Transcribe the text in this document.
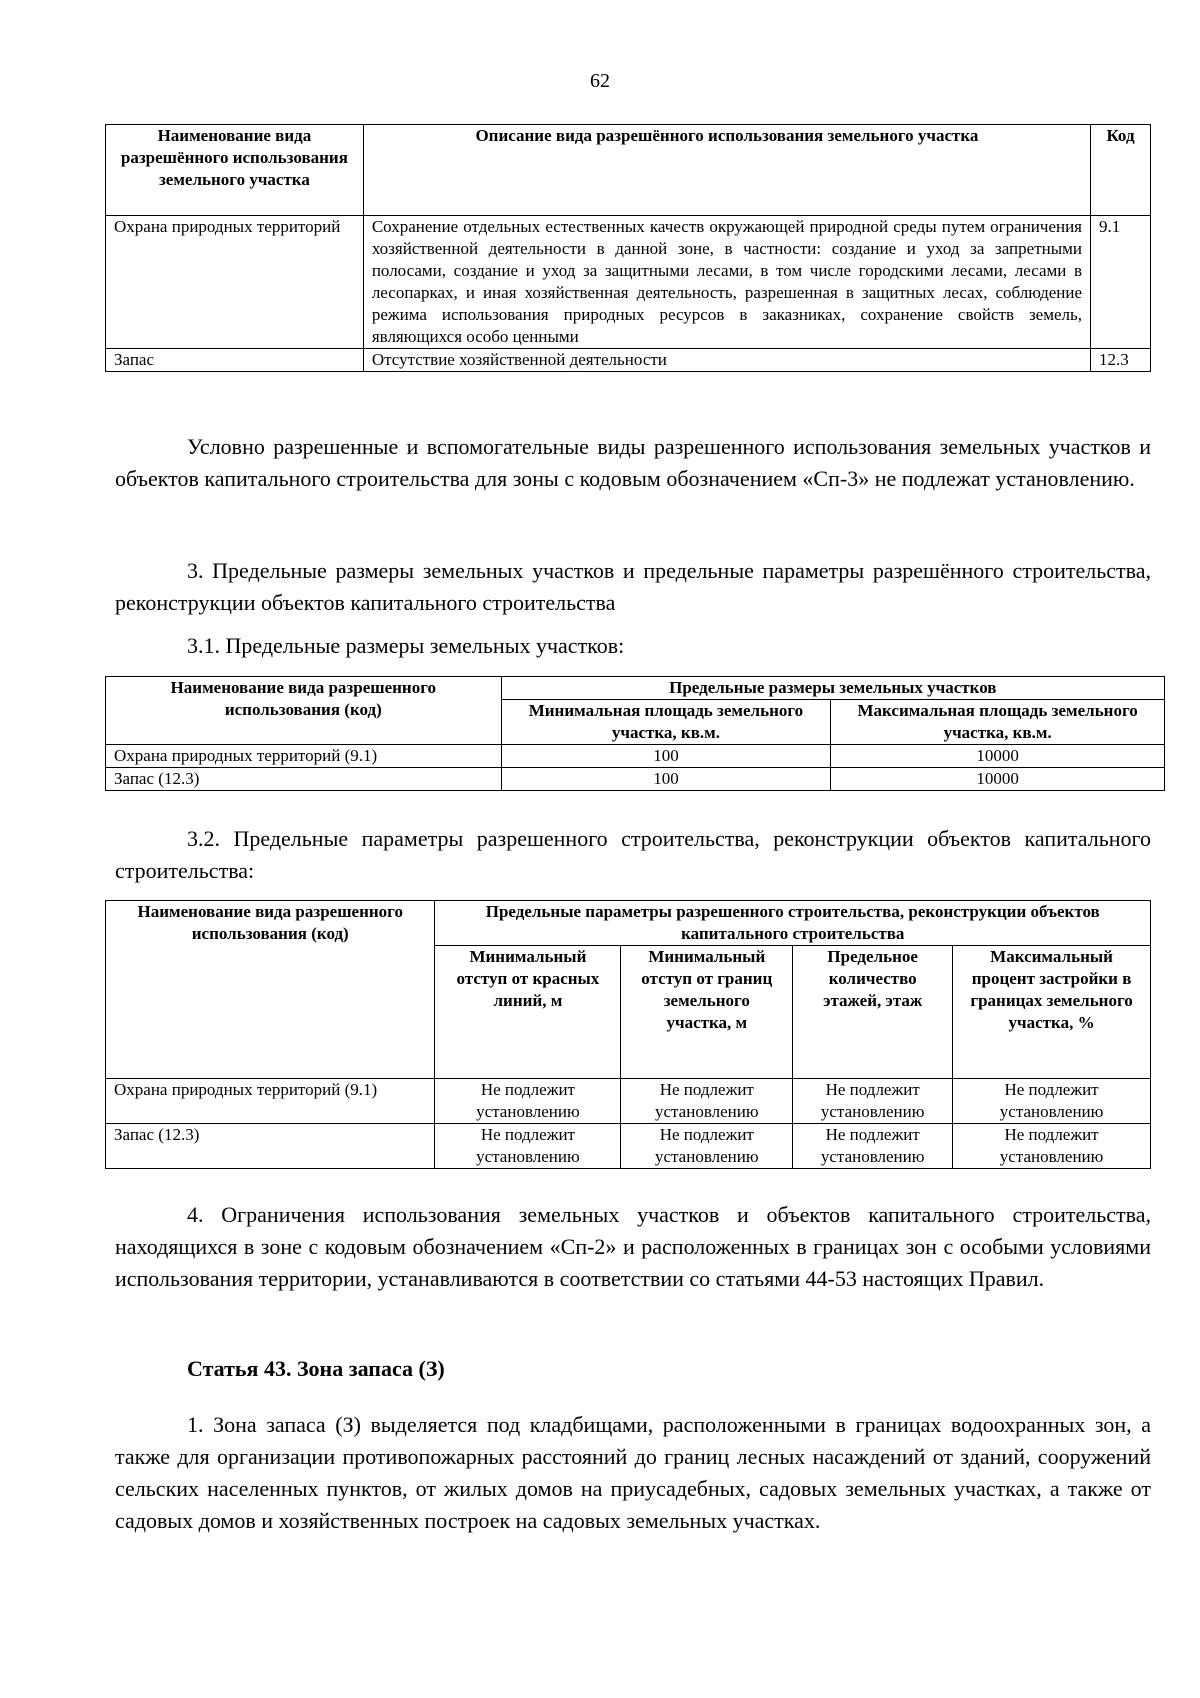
62
Наименование вида разрешённого использования земельного участка	Описание вида разрешённого использования земельного участка	Код
Охрана природных территорий	Сохранение отдельных естественных качеств окружающей природной среды путем ограничения хозяйственной деятельности в данной зоне, в частности: создание и уход за запретными полосами, создание и уход за защитными лесами, в том числе городскими лесами, лесами в лесопарках, и иная хозяйственная деятельность, разрешенная в защитных лесах, соблюдение режима использования природных ресурсов в заказниках, сохранение свойств земель, являющихся особо ценными	9.1
Запас	Отсутствие хозяйственной деятельности	12.3

Условно разрешенные и вспомогательные виды разрешенного использования земельных участков и объектов капитального строительства для зоны с кодовым обозначением «Сп-3» не подлежат установлению.

3. Предельные размеры земельных участков и предельные параметры разрешённого строительства, реконструкции объектов капитального строительства

3.1. Предельные размеры земельных участков:

Наименование вида разрешенного использования (код)	Предельные размеры земельных участков	
	Минимальная площадь земельного участка, кв.м.	Максимальная площадь земельного участка, кв.м.
Охрана природных территорий (9.1)	100	10000
Запас (12.3)	100	10000

3.2. Предельные параметры разрешенного строительства, реконструкции объектов капитального строительства:

Наименование вида разрешенного использования (код)	Предельные параметры разрешенного строительства, реконструкции объектов капитального строительства			
	Минимальный отступ от красных линий, м	Минимальный отступ от границ земельного участка, м	Предельное количество этажей, этаж	Максимальный процент застройки в границах земельного участка, %
Охрана природных территорий (9.1)	Не подлежит установлению	Не подлежит установлению	Не подлежит установлению	Не подлежит установлению
Запас (12.3)	Не подлежит установлению	Не подлежит установлению	Не подлежит установлению	Не подлежит установлению

4. Ограничения использования земельных участков и объектов капитального строительства, находящихся в зоне с кодовым обозначением «Сп-2» и расположенных в границах зон с особыми условиями использования территории, устанавливаются в соответствии со статьями 44-53 настоящих Правил.

Статья 43. Зона запаса (З)

1. Зона запаса (З) выделяется под кладбищами, расположенными в границах водоохранных зон, а также для организации противопожарных расстояний до границ лесных насаждений от зданий, сооружений сельских населенных пунктов, от жилых домов на приусадебных, садовых земельных участках, а также от садовых домов и хозяйственных построек на садовых земельных участках.
